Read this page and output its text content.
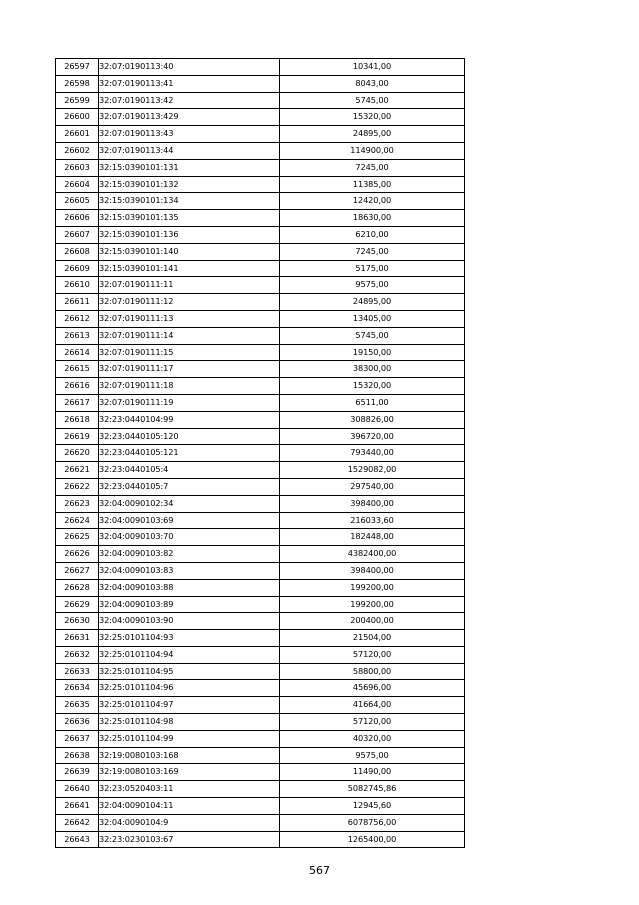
26597	32:07:0190113:40	10341,00
26598	32:07:0190113:41	8043,00
26599	32:07:0190113:42	5745,00
26600	32:07:0190113:429	15320,00
26601	32:07:0190113:43	24895,00
26602	32:07:0190113:44	114900,00
26603	32:15:0390101:131	7245,00
26604	32:15:0390101:132	11385,00
26605	32:15:0390101:134	12420,00
26606	32:15:0390101:135	18630,00
26607	32:15:0390101:136	6210,00
26608	32:15:0390101:140	7245,00
26609	32:15:0390101:141	5175,00
26610	32:07:0190111:11	9575,00
26611	32:07:0190111:12	24895,00
26612	32:07:0190111:13	13405,00
26613	32:07:0190111:14	5745,00
26614	32:07:0190111:15	19150,00
26615	32:07:0190111:17	38300,00
26616	32:07:0190111:18	15320,00
26617	32:07:0190111:19	6511,00
26618	32:23:0440104:99	308826,00
26619	32:23:0440105:120	396720,00
26620	32:23:0440105:121	793440,00
26621	32:23:0440105:4	1529082,00
26622	32:23:0440105:7	297540,00
26623	32:04:0090102:34	398400,00
26624	32:04:0090103:69	216033,60
26625	32:04:0090103:70	182448,00
26626	32:04:0090103:82	4382400,00
26627	32:04:0090103:83	398400,00
26628	32:04:0090103:88	199200,00
26629	32:04:0090103:89	199200,00
26630	32:04:0090103:90	200400,00
26631	32:25:0101104:93	21504,00
26632	32:25:0101104:94	57120,00
26633	32:25:0101104:95	58800,00
26634	32:25:0101104:96	45696,00
26635	32:25:0101104:97	41664,00
26636	32:25:0101104:98	57120,00
26637	32:25:0101104:99	40320,00
26638	32:19:0080103:168	9575,00
26639	32:19:0080103:169	11490,00
26640	32:23:0520403:11	5082745,86
26641	32:04:0090104:11	12945,60
26642	32:04:0090104:9	6078756,00
26643	32:23:0230103:67	1265400,00
567
